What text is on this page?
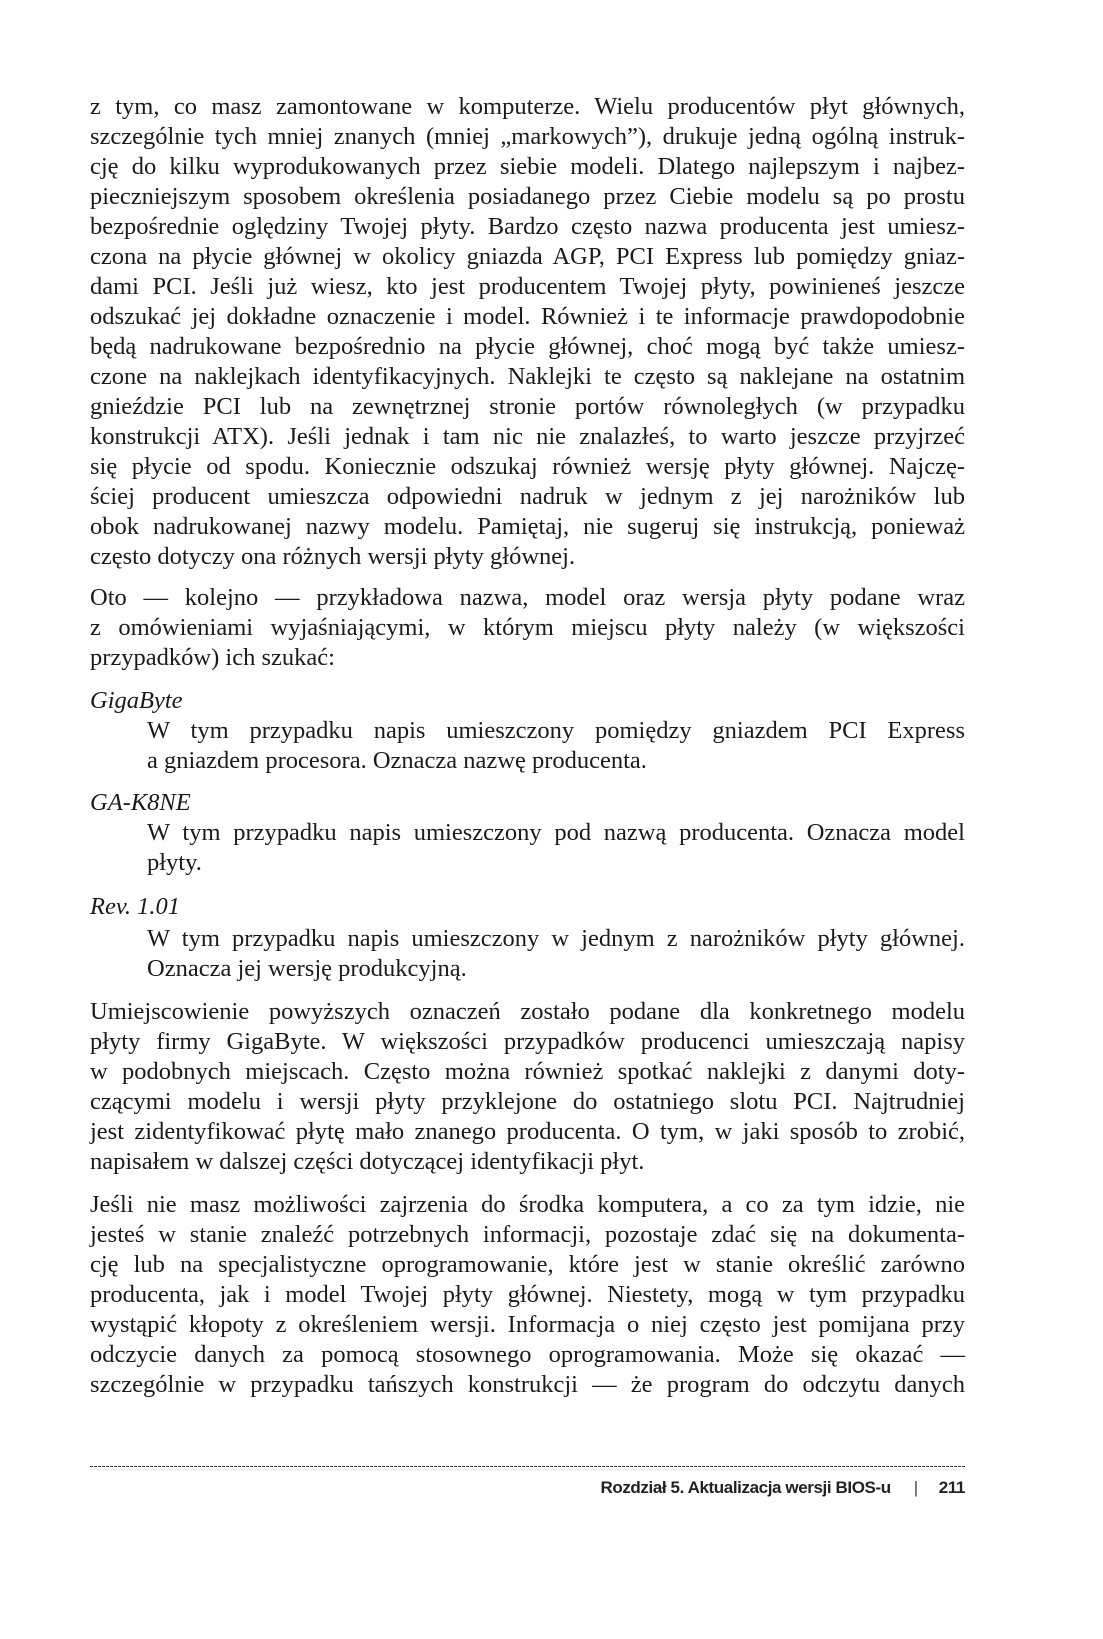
z tym, co masz zamontowane w komputerze. Wielu producentów płyt głównych,
szczególnie tych mniej znanych (mniej „markowych”), drukuje jedną ogólną instruk-
cję do kilku wyprodukowanych przez siebie modeli. Dlatego najlepszym i najbez-
pieczniejszym sposobem określenia posiadanego przez Ciebie modelu są po prostu
bezpośrednie oględziny Twojej płyty. Bardzo często nazwa producenta jest umiesz-
czona na płycie głównej w okolicy gniazda AGP, PCI Express lub pomiędzy gniaz-
dami PCI. Jeśli już wiesz, kto jest producentem Twojej płyty, powinieneś jeszcze
odszukać jej dokładne oznaczenie i model. Również i te informacje prawdopodobnie
będą nadrukowane bezpośrednio na płycie głównej, choć mogą być także umiesz-
czone na naklejkach identyfikacyjnych. Naklejki te często są naklejane na ostatnim
gnieździe PCI lub na zewnętrznej stronie portów równoległych (w przypadku
konstrukcji ATX). Jeśli jednak i tam nic nie znalazłeś, to warto jeszcze przyjrzeć
się płycie od spodu. Koniecznie odszukaj również wersję płyty głównej. Najczę-
ściej producent umieszcza odpowiedni nadruk w jednym z jej narożników lub
obok nadrukowanej nazwy modelu. Pamiętaj, nie sugeruj się instrukcją, ponieważ
często dotyczy ona różnych wersji płyty głównej.
Oto — kolejno — przykładowa nazwa, model oraz wersja płyty podane wraz
z omówieniami wyjaśniającymi, w którym miejscu płyty należy (w większości
przypadków) ich szukać:
GigaByte
W tym przypadku napis umieszczony pomiędzy gniazdem PCI Express
a gniazdem procesora. Oznacza nazwę producenta.
GA-K8NE
W tym przypadku napis umieszczony pod nazwą producenta. Oznacza model
płyty.
Rev. 1.01
W tym przypadku napis umieszczony w jednym z narożników płyty głównej.
Oznacza jej wersję produkcyjną.
Umiejscowienie powyższych oznaczeń zostało podane dla konkretnego modelu
płyty firmy GigaByte. W większości przypadków producenci umieszczają napisy
w podobnych miejscach. Często można również spotkać naklejki z danymi doty-
czącymi modelu i wersji płyty przyklejone do ostatniego slotu PCI. Najtrudniej
jest zidentyfikować płytę mało znanego producenta. O tym, w jaki sposób to zrobić,
napisałem w dalszej części dotyczącej identyfikacji płyt.
Jeśli nie masz możliwości zajrzenia do środka komputera, a co za tym idzie, nie
jesteś w stanie znaleźć potrzebnych informacji, pozostaje zdać się na dokumenta-
cję lub na specjalistyczne oprogramowanie, które jest w stanie określić zarówno
producenta, jak i model Twojej płyty głównej. Niestety, mogą w tym przypadku
wystąpić kłopoty z określeniem wersji. Informacja o niej często jest pomijana przy
odczycie danych za pomocą stosownego oprogramowania. Może się okazać —
szczególnie w przypadku tańszych konstrukcji — że program do odczytu danych
Rozdział 5. Aktualizacja wersji BIOS-u | 211
